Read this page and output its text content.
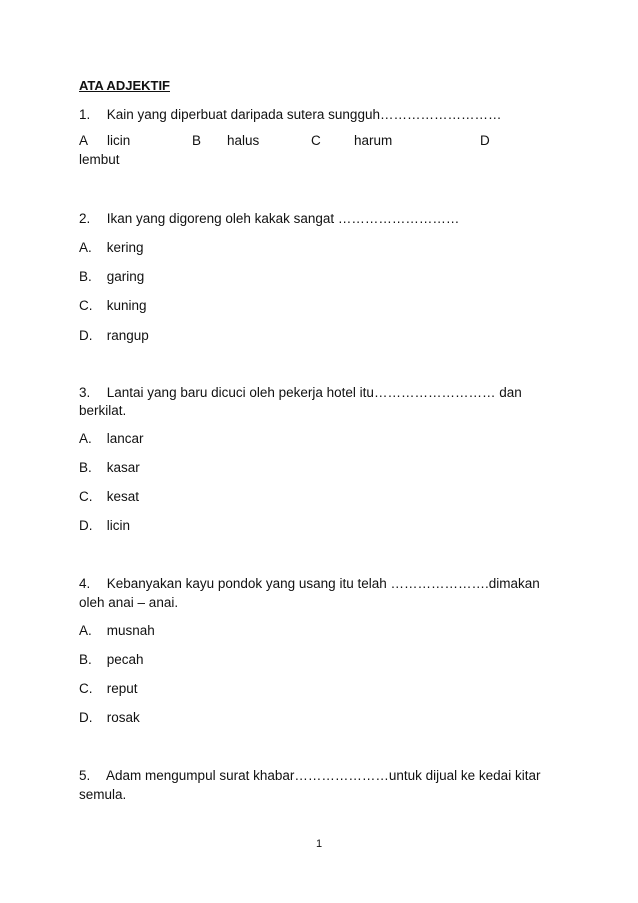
ATA ADJEKTIF
1. Kain yang diperbuat daripada sutera sungguh………………………
A licin	B halus	C harum	D
lembut
2. Ikan yang digoreng oleh kakak sangat ………………………
A. kering
B. garing
C. kuning
D. rangup
3. Lantai yang baru dicuci oleh pekerja hotel itu……………………… dan
berkilat.
A. lancar
B. kasar
C. kesat
D. licin
4. Kebanyakan kayu pondok yang usang itu telah ………………….dimakan
oleh anai – anai.
A. musnah
B. pecah
C. reput
D. rosak
5. Adam mengumpul surat khabar…………………untuk dijual ke kedai kitar
semula.
1
